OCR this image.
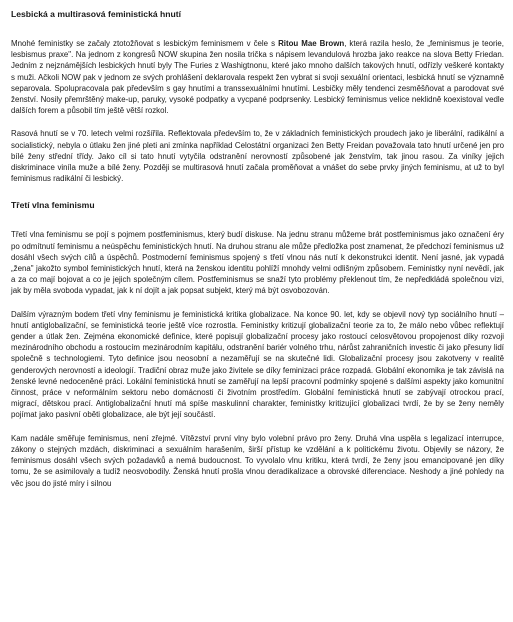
Lesbická a multirasová feministická hnutí

Mnohé feministky se začaly ztotožňovat s lesbickým feminismem v čele s Ritou Mae Brown, která razila heslo, že „feminismus je teorie, lesbismus praxe". Na jednom z kongresů NOW skupina žen nosila trička s nápisem levandulová hrozba jako reakce na slova Betty Friedan. Jedním z nejznámějších lesbických hnutí byly The Furies z Washigtnonu, které jako mnoho dalších takových hnutí, odřízly veškeré kontakty s muži. Ačkoli NOW pak v jednom ze svých prohlášení deklarovala respekt žen vybrat si svoji sexuální orientaci, lesbická hnutí se významně separovala. Spolupracovala pak především s gay hnutími a transsexuálními hnutími. Lesbičky měly tendenci zesměšňovat a parodovat své ženství. Nosily přemrštěný make-up, paruky, vysoké podpatky a vycpané podprsenky. Lesbický feminismus velice neklidně koexistoval vedle dalších forem a působil tím ještě větší rozkol.

Rasová hnutí se v 70. letech velmi rozšířila. Reflektovala především to, že v základních feministických proudech jako je liberální, radikální a socialistický, nebyla o útlaku žen jiné pleti ani zmínka například Celostátní organizaci žen Betty Freidan považovala tato hnutí určené jen pro bílé ženy střední třídy. Jako cíl si tato hnutí vytyčila odstranění nerovností způsobené jak ženstvím, tak jinou rasou. Za viníky jejich diskriminace viníla muže a bílé ženy. Později se multirasová hnutí začala proměňovat a vnášet do sebe prvky jiných feminismu, at už to byl feminismus radikální či lesbický.

Třetí vlna feminismu

Třetí vlna feminismu se pojí s pojmem postfeminismus, který budí diskuse. Na jednu stranu můžeme brát postfeminismus jako označení éry po odmítnutí feminismu a neúspěchu feministických hnutí. Na druhou stranu ale může předložka post znamenat, že předchozí feminismus už dosáhl všech svých cílů a úspěchů. Postmoderní feminismus spojený s třetí vlnou nás nutí k dekonstrukci identit. Není jasné, jak vypadá „žena" jakožto symbol feministických hnutí, která na ženskou identitu pohlíží mnohdy velmi odlišným způsobem. Feministky nyní nevědí, jak a za co mají bojovat a co je jejich společným cílem. Postfeminismus se snaží tyto problémy překlenout tím, že nepředkládá společnou vizi, jak by měla svoboda vypadat, jak k ní dojít a jak popsat subjekt, který má být osvobozován.

Dalším výrazným bodem třetí vlny feminismu je feministická kritika globalizace. Na konce 90. let, kdy se objevil nový typ sociálního hnutí – hnutí antiglobalizační, se feministická teorie ještě více rozrostla. Feministky kritizují globalizační teorie za to, že málo nebo vůbec reflektují gender a útlak žen. Zejména ekonomické definice, které popisují globalizační procesy jako rostoucí celosvětovou propojenost díky rozvoji mezinárodního obchodu a rostoucím mezinárodním kapitálu, odstranění bariér volného trhu, nárůst zahraničních investic či jako přesuny lidí společně s technologiemi. Tyto definice jsou neosobní a nezaměřují se na skutečné lidi. Globalizační procesy jsou zakotveny v realitě genderových nerovností a ideologií. Tradiční obraz muže jako živitele se díky feminizaci práce rozpadá. Globální ekonomika je tak závislá na ženské levné nedoceněné práci. Lokální feministická hnutí se zaměřují na lepší pracovní podmínky spojené s dalšími aspekty jako komunitní činnost, práce v neformálním sektoru nebo domácnosti či životním prostředím. Globální feministická hnutí se zabývají otrockou prací, migrací, dětskou prací. Antiglobalizační hnutí má spíše maskulinní charakter, feministky kritizující globalizaci tvrdí, že by se ženy neměly pojímat jako pasivní oběti globalizace, ale být její součástí.

Kam nadále směřuje feminismus, není zřejmé. Vítězství první vlny bylo volební právo pro ženy. Druhá vlna uspěla s legalizací interrupce, zákony o stejných mzdách, diskriminaci a sexuálním harašením, širší přístup ke vzdělání a k politickému životu. Objevily se názory, že feminismus dosáhl všech svých požadavků a nemá budoucnost. To vyvolalo vlnu kritiku, která tvrdí, že ženy jsou emancipované jen díky tomu, že se asimilovaly a tudíž neosvobodily. Ženská hnutí prošla vlnou deradikalizace a obrovské diferenciace. Neshody a jiné pohledy na věc jsou do jisté míry i silnou
